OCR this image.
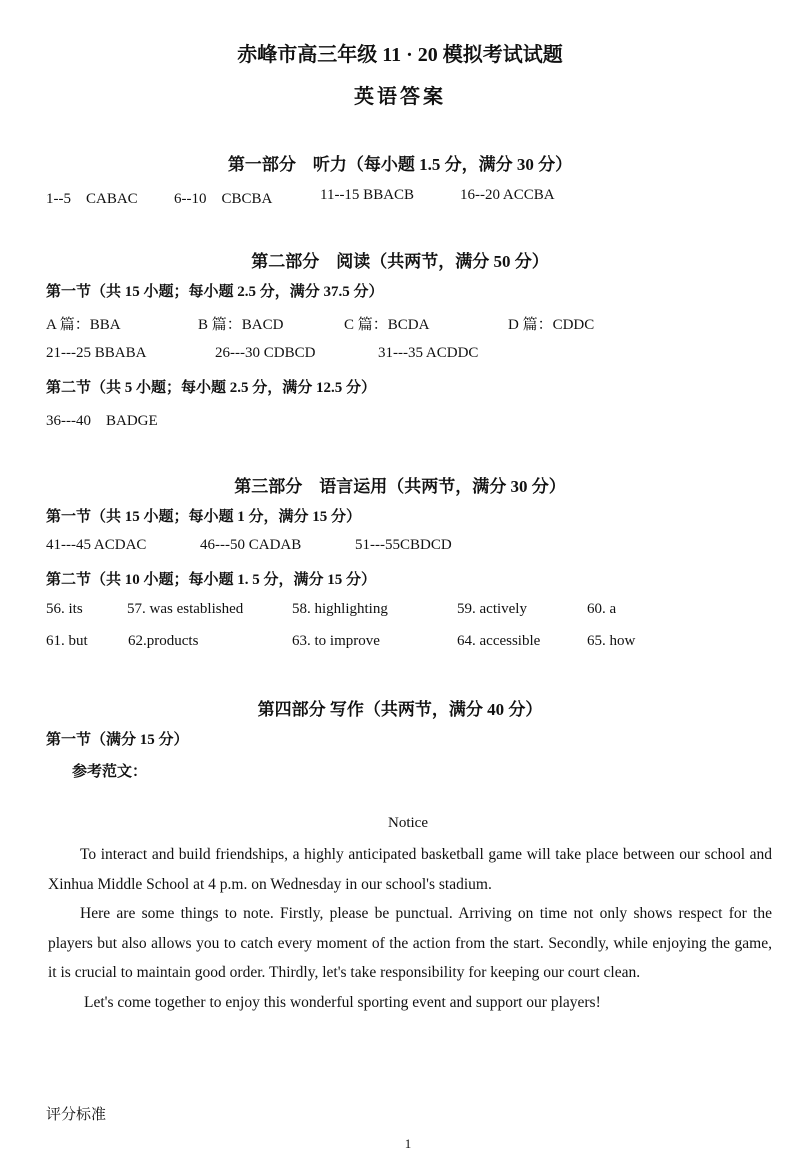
赤峰市高三年级 11 · 20 模拟考试试题
英语答案
第一部分　听力（每小题 1.5 分，满分 30 分）
1--5　CABAC 6--10　CBCBA	11--15 BBACB	16--20 ACCBA
第二部分　阅读（共两节，满分 50 分）
第一节（共 15 小题；每小题 2.5 分，满分 37.5 分）
A 篇：BBA	B 篇：BACD	C 篇：BCDA	D 篇：CDDC
21---25 BBABA	26---30 CDBCD	31---35 ACDDC
第二节（共 5 小题；每小题 2.5 分，满分 12.5 分）
36---40　BADGE
第三部分　语言运用（共两节，满分 30 分）
第一节（共 15 小题；每小题 1 分，满分 15 分）
41---45 ACDAC	46---50 CADAB	51---55CBDCD
第二节（共 10 小题；每小题 1. 5 分，满分 15 分）
56. its	57. was established	58. highlighting	59. actively	60. a
61. but	62.products	63. to improve	64. accessible	65. how
第四部分 写作（共两节，满分 40 分）
第一节（满分 15 分）
参考范文：
Notice

To interact and build friendships, a highly anticipated basketball game will take place between our school and Xinhua Middle School at 4 p.m. on Wednesday in our school's stadium.

Here are some things to note. Firstly, please be punctual. Arriving on time not only shows respect for the players but also allows you to catch every moment of the action from the start. Secondly, while enjoying the game, it is crucial to maintain good order. Thirdly, let's take responsibility for keeping our court clean.

Let's come together to enjoy this wonderful sporting event and support our players!

评分标准
1
